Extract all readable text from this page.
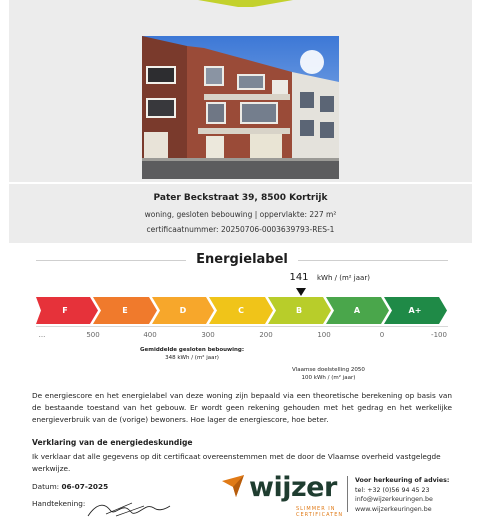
Pater Beckstraat 39, 8500 Kortrijk
woning, gesloten bebouwing | oppervlakte: 227 m²
certificaatnummer: 20250706-0003639793-RES-1
Energielabel
141	kWh / (m² jaar)
F	E	D	C	B	A	A+
...	500	400	300	200	100	0	-100
Gemiddelde gesloten bebouwing:
348 kWh / (m² jaar)
Vlaamse doelstelling 2050
100 kWh / (m² jaar)
De energiescore en het energielabel van deze woning zijn bepaald via een theoretische berekening op basis van de bestaande toestand van het gebouw. Er wordt geen rekening gehouden met het gedrag en het werkelijke energieverbruik van de (vorige) bewoners. Hoe lager de energiescore, hoe beter.
Verklaring van de energiedeskundige
Ik verklaar dat alle gegevens op dit certificaat overeenstemmen met de door de Vlaamse overheid vastgelegde werkwijze.
Datum: 06-07-2025
Handtekening:
wijzer
SLIMMER IN
CERTIFICATEN
Voor herkeuring of advies:
tel: +32 (0)56 94 45 23
info@wijzerkeuringen.be
www.wijzerkeuringen.be
